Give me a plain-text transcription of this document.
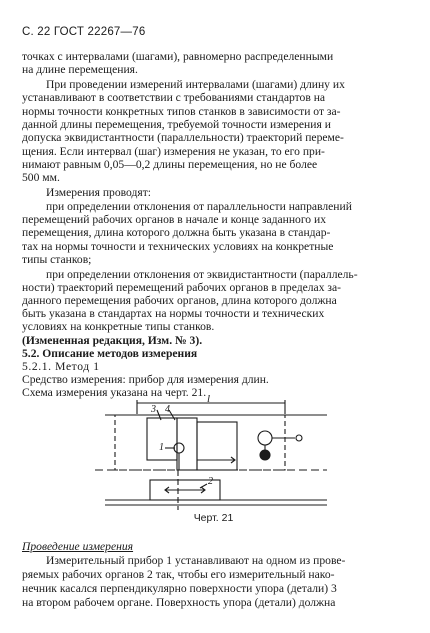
С. 22 ГОСТ 22267—76
точках с интервалами (шагами), равномерно распределенными
на длине перемещения.
При проведении измерений интервалами (шагами) длину их
устанавливают в соответствии с требованиями стандартов на
нормы точности конкретных типов станков в зависимости от за-
данной длины перемещения, требуемой точности измерения и
допуска эквидистантности (параллельности) траекторий переме-
щения. Если интервал (шаг) измерения не указан, то его при-
нимают равным 0,05—0,2 длины перемещения, но не более
500 мм.
Измерения проводят:
при определении отклонения от параллельности направлений
перемещений рабочих органов в начале и конце заданного их
перемещения, длина которого должна быть указана в стандар-
тах на нормы точности и технических условиях на конкретные
типы станков;
при определении отклонения от эквидистантности (параллель-
ности) траекторий перемещений рабочих органов в пределах за-
данного перемещения рабочих органов, длина которого должна
быть указана в стандартах на нормы точности и технических
условиях на конкретные типы станков.
(Измененная редакция, Изм. № 3).
5.2. Описание методов измерения
5.2.1. Метод 1
Средство измерения: прибор для измерения длин.
Схема измерения указана на черт. 21. l
3 4
1
2
Черт. 21
Проведение измерения
Измерительный прибор 1 устанавливают на одном из прове-
ряемых рабочих органов 2 так, чтобы его измерительный нако-
нечник касался перпендикулярно поверхности упора (детали) 3
на втором рабочем органе. Поверхность упора (детали) должна
